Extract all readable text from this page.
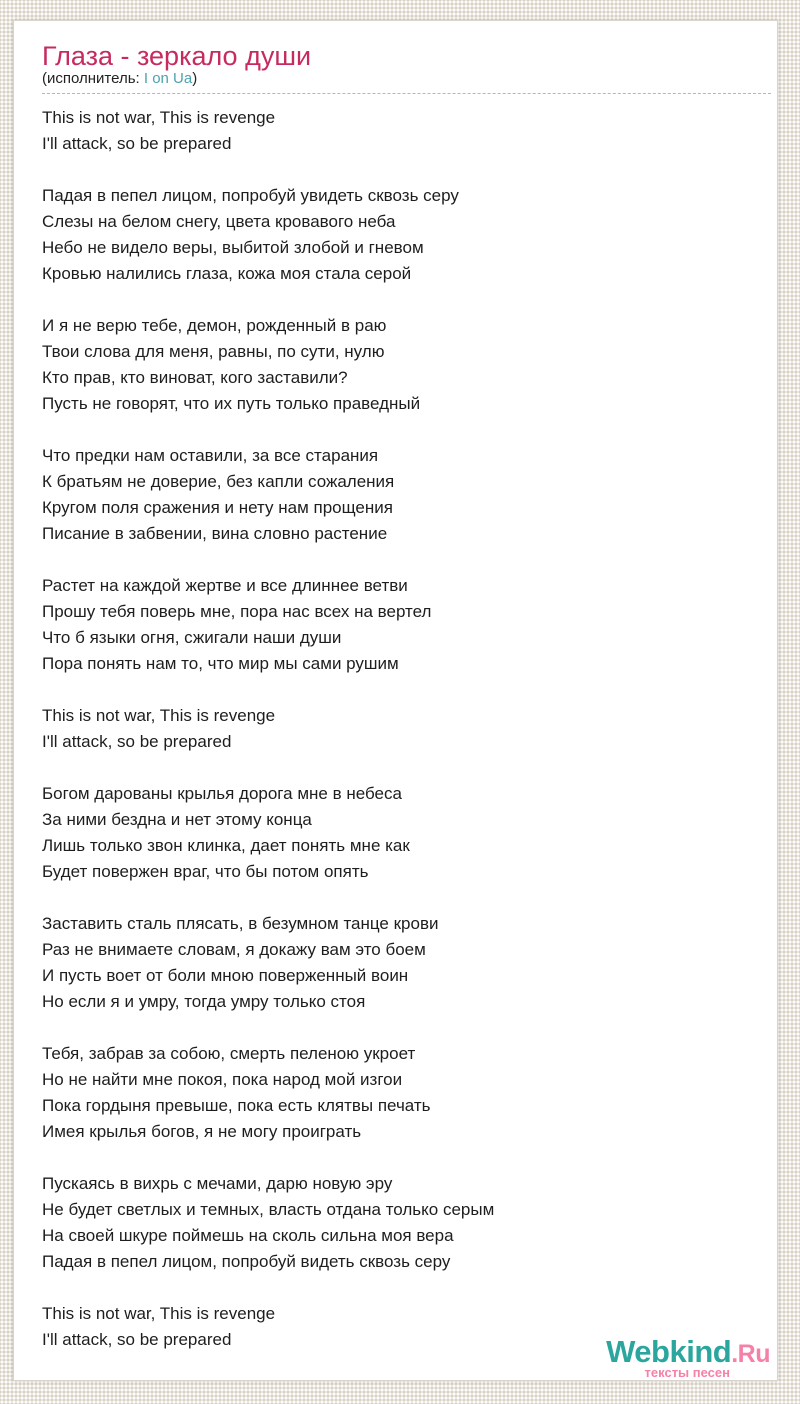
Глаза - зеркало души
(исполнитель: I on Ua)
This is not war, This is revenge
I'll attack, so be prepared
Падая в пепел лицом, попробуй увидеть сквозь серу
Слезы на белом снегу, цвета кровавого неба
Небо не видело веры, выбитой злобой и гневом
Кровью налились глаза, кожа моя стала серой
И я не верю тебе, демон, рожденный в раю
Твои слова для меня, равны, по сути, нулю
Кто прав, кто виноват, кого заставили?
Пусть не говорят, что их путь только праведный
Что предки нам оставили, за все старания
К братьям не доверие, без капли сожаления
Кругом поля сражения и нету нам прощения
Писание в забвении, вина словно растение
Растет на каждой жертве и все длиннее ветви
Прошу тебя поверь мне, пора нас всех на вертел
Что б языки огня, сжигали наши души
Пора понять нам то, что мир мы сами рушим
This is not war, This is revenge
I'll attack, so be prepared
Богом дарованы крылья дорога мне в небеса
За ними бездна и нет этому конца
Лишь только звон клинка, дает понять мне как
Будет повержен враг, что бы потом опять
Заставить сталь плясать, в безумном танце крови
Раз не внимаете словам, я докажу вам это боем
И пусть воет от боли мною поверженный воин
Но если я и умру, тогда умру только стоя
Тебя, забрав за собою, смерть пеленою укроет
Но не найти мне покоя, пока народ мой изгои
Пока гордыня превыше, пока есть клятвы печать
Имея крылья богов, я не могу проиграть
Пускаясь в вихрь с мечами, дарю новую эру
Не будет светлых и темных, власть отдана только серым
На своей шкуре поймешь на сколь сильна моя вера
Падая в пепел лицом, попробуй видеть сквозь серу
This is not war, This is revenge
I'll attack, so be prepared	Webkind.Ru
тексты песен
